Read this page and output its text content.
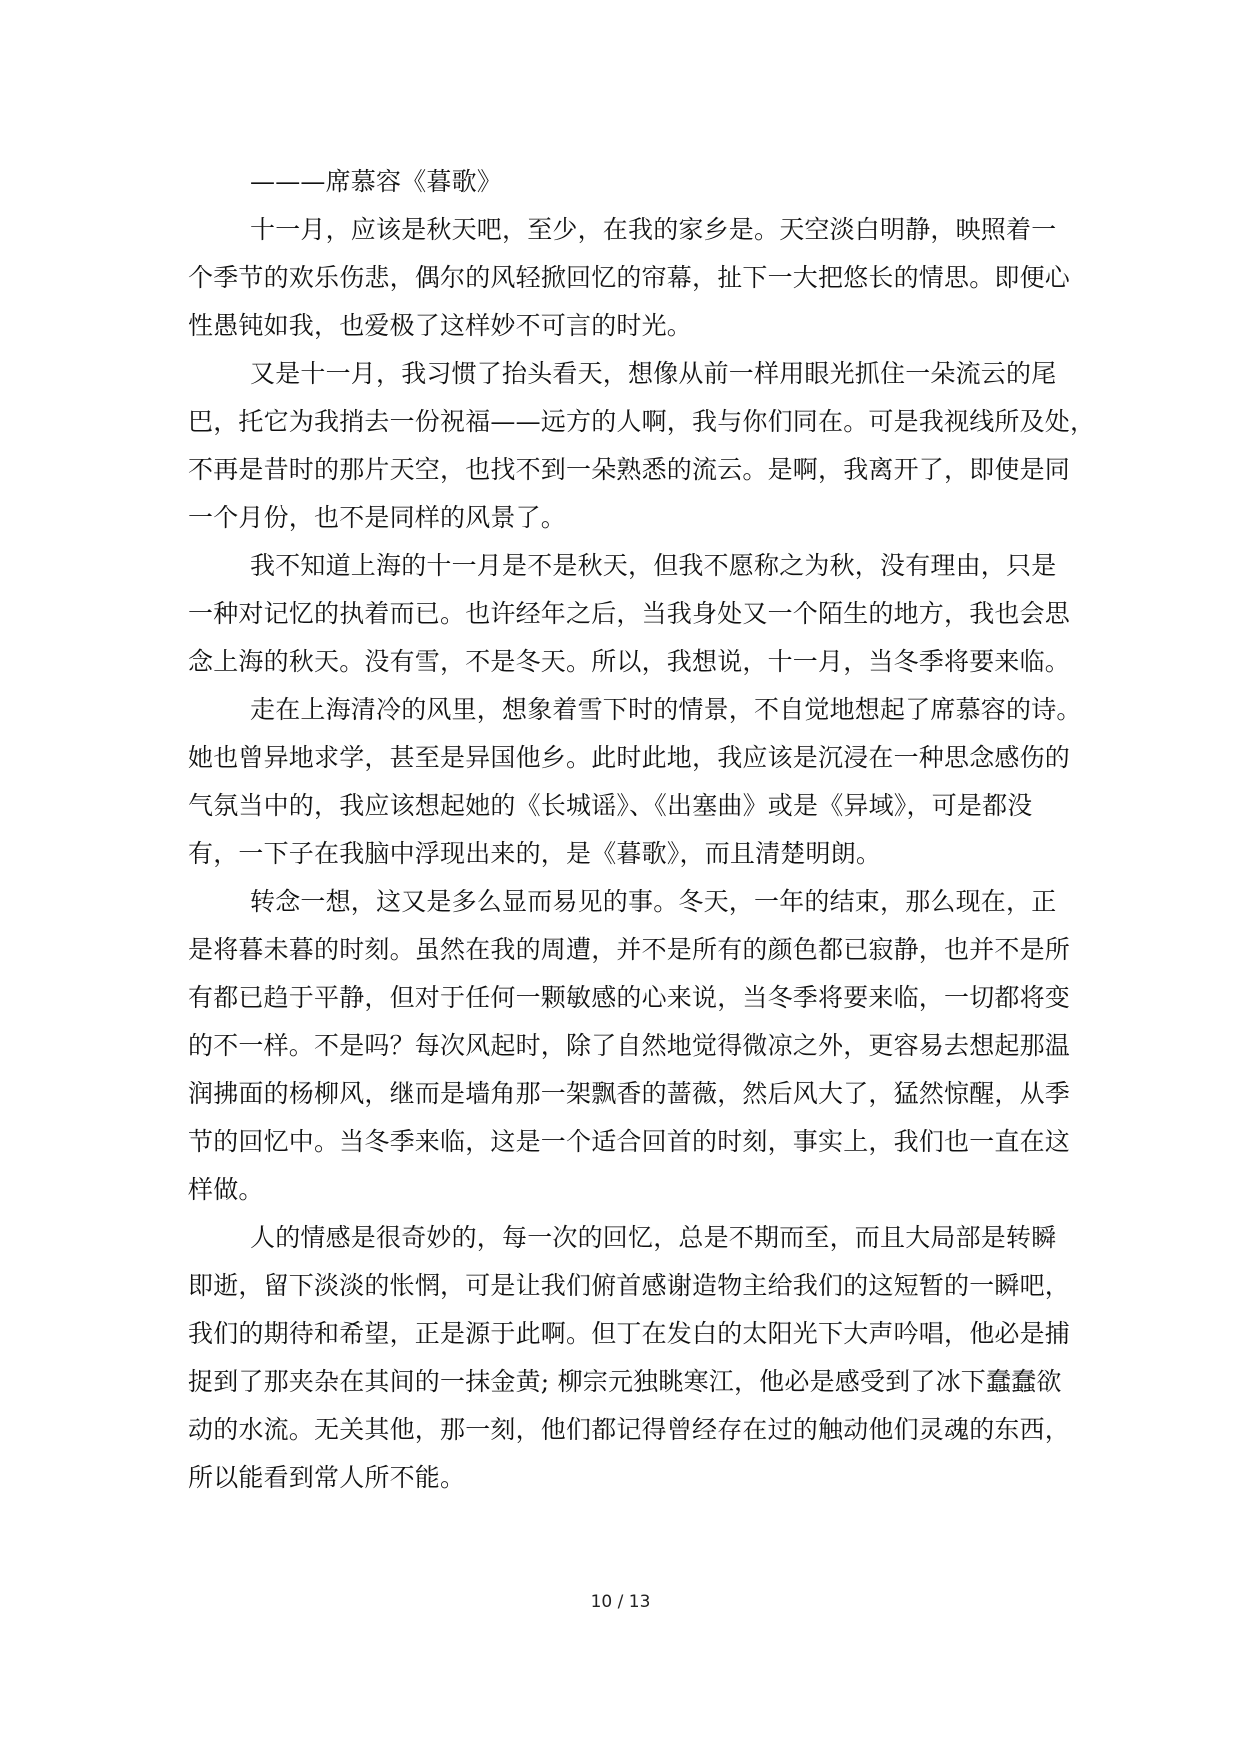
———席慕容《暮歌》
十一月，应该是秋天吧，至少，在我的家乡是。天空淡白明静，映照着一
个季节的欢乐伤悲，偶尔的风轻掀回忆的帘幕，扯下一大把悠长的情思。即便心
性愚钝如我，也爱极了这样妙不可言的时光。
又是十一月，我习惯了抬头看天，想像从前一样用眼光抓住一朵流云的尾
巴，托它为我捎去一份祝福——远方的人啊，我与你们同在。可是我视线所及处，
不再是昔时的那片天空，也找不到一朵熟悉的流云。是啊，我离开了，即使是同
一个月份，也不是同样的风景了。
我不知道上海的十一月是不是秋天，但我不愿称之为秋，没有理由，只是
一种对记忆的执着而已。也许经年之后，当我身处又一个陌生的地方，我也会思
念上海的秋天。没有雪，不是冬天。所以，我想说，十一月，当冬季将要来临。
走在上海清冷的风里，想象着雪下时的情景，不自觉地想起了席慕容的诗。
她也曾异地求学，甚至是异国他乡。此时此地，我应该是沉浸在一种思念感伤的
气氛当中的，我应该想起她的《长城谣》、《出塞曲》或是《异域》，可是都没
有，一下子在我脑中浮现出来的，是《暮歌》，而且清楚明朗。
转念一想，这又是多么显而易见的事。冬天，一年的结束，那么现在，正
是将暮未暮的时刻。虽然在我的周遭，并不是所有的颜色都已寂静，也并不是所
有都已趋于平静，但对于任何一颗敏感的心来说，当冬季将要来临，一切都将变
的不一样。不是吗？每次风起时，除了自然地觉得微凉之外，更容易去想起那温
润拂面的杨柳风，继而是墙角那一架飘香的蔷薇，然后风大了，猛然惊醒，从季
节的回忆中。当冬季来临，这是一个适合回首的时刻，事实上，我们也一直在这
样做。
人的情感是很奇妙的，每一次的回忆，总是不期而至，而且大局部是转瞬
即逝，留下淡淡的怅惘，可是让我们俯首感谢造物主给我们的这短暂的一瞬吧，
我们的期待和希望，正是源于此啊。但丁在发白的太阳光下大声吟唱，他必是捕
捉到了那夹杂在其间的一抹金黄; 柳宗元独眺寒江，他必是感受到了冰下蠢蠢欲
动的水流。无关其他，那一刻，他们都记得曾经存在过的触动他们灵魂的东西，
所以能看到常人所不能。
10 / 13
